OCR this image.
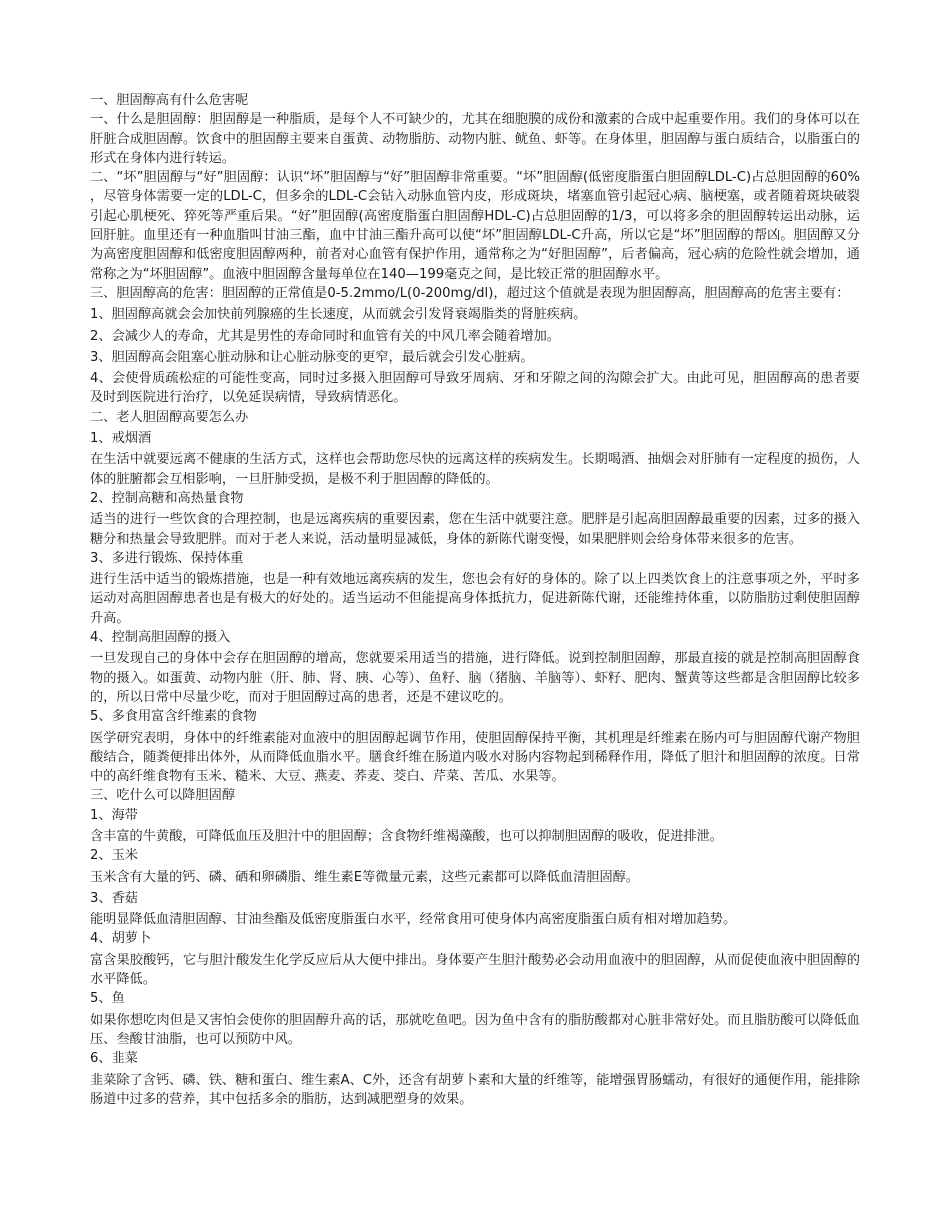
一、胆固醇高有什么危害呢

一、什么是胆固醇：胆固醇是一种脂质，是每个人不可缺少的，尤其在细胞膜的成份和激素的合成中起重要作用。我们的身体可以在肝脏合成胆固醇。饮食中的胆固醇主要来自蛋黄、动物脂肪、动物内脏、鱿鱼、虾等。在身体里，胆固醇与蛋白质结合，以脂蛋白的形式在身体内进行转运。

二、“坏”胆固醇与“好”胆固醇：认识“坏”胆固醇与“好”胆固醇非常重要。“坏”胆固醇(低密度脂蛋白胆固醇LDL-C)占总胆固醇的60%，尽管身体需要一定的LDL-C，但多余的LDL-C会钻入动脉血管内皮，形成斑块，堵塞血管引起冠心病、脑梗塞，或者随着斑块破裂引起心肌梗死、猝死等严重后果。“好”胆固醇(高密度脂蛋白胆固醇HDL-C)占总胆固醇的1/3，可以将多余的胆固醇转运出动脉，运回肝脏。血里还有一种血脂叫甘油三酯，血中甘油三酯升高可以使“坏”胆固醇LDL-C升高，所以它是“坏”胆固醇的帮凶。胆固醇又分为高密度胆固醇和低密度胆固醇两种，前者对心血管有保护作用，通常称之为“好胆固醇”，后者偏高，冠心病的危险性就会增加，通常称之为“坏胆固醇”。血液中胆固醇含量每单位在140—199毫克之间，是比较正常的胆固醇水平。

三、胆固醇高的危害：胆固醇的正常值是0-5.2mmo/L(0-200mg/dl)，超过这个值就是表现为胆固醇高，胆固醇高的危害主要有：

1、胆固醇高就会会加快前列腺癌的生长速度，从而就会引发肾衰竭脂类的肾脏疾病。

2、会减少人的寿命，尤其是男性的寿命同时和血管有关的中风几率会随着增加。

3、胆固醇高会阻塞心脏动脉和让心脏动脉变的更窄，最后就会引发心脏病。

4、会使骨质疏松症的可能性变高，同时过多摄入胆固醇可导致牙周病、牙和牙隙之间的沟隙会扩大。由此可见，胆固醇高的患者要及时到医院进行治疗，以免延误病情，导致病情恶化。

二、老人胆固醇高要怎么办

1、戒烟酒

在生活中就要远离不健康的生活方式，这样也会帮助您尽快的远离这样的疾病发生。长期喝酒、抽烟会对肝肺有一定程度的损伤，人体的脏腑都会互相影响，一旦肝肺受损，是极不利于胆固醇的降低的。

2、控制高糖和高热量食物

适当的进行一些饮食的合理控制，也是远离疾病的重要因素，您在生活中就要注意。肥胖是引起高胆固醇最重要的因素，过多的摄入糖分和热量会导致肥胖。而对于老人来说，活动量明显减低，身体的新陈代谢变慢，如果肥胖则会给身体带来很多的危害。

3、多进行锻炼、保持体重

进行生活中适当的锻炼措施，也是一种有效地远离疾病的发生，您也会有好的身体的。除了以上四类饮食上的注意事项之外，平时多运动对高胆固醇患者也是有极大的好处的。适当运动不但能提高身体抵抗力，促进新陈代谢，还能维持体重，以防脂肪过剩使胆固醇升高。

4、控制高胆固醇的摄入

一旦发现自己的身体中会存在胆固醇的增高，您就要采用适当的措施，进行降低。说到控制胆固醇，那最直接的就是控制高胆固醇食物的摄入。如蛋黄、动物内脏（肝、肺、肾、胰、心等）、鱼籽、脑（猪脑、羊脑等）、虾籽、肥肉、蟹黄等这些都是含胆固醇比较多的，所以日常中尽量少吃，而对于胆固醇过高的患者，还是不建议吃的。

5、多食用富含纤维素的食物

医学研究表明，身体中的纤维素能对血液中的胆固醇起调节作用，使胆固醇保持平衡，其机理是纤维素在肠内可与胆固醇代谢产物胆酸结合，随粪便排出体外，从而降低血脂水平。膳食纤维在肠道内吸水对肠内容物起到稀释作用，降低了胆汁和胆固醇的浓度。日常中的高纤维食物有玉米、糙米、大豆、燕麦、荞麦、茭白、芹菜、苦瓜、水果等。

三、吃什么可以降胆固醇

1、海带

含丰富的牛黄酸，可降低血压及胆汁中的胆固醇；含食物纤维褐藻酸，也可以抑制胆固醇的吸收，促进排泄。

2、玉米

玉米含有大量的钙、磷、硒和卵磷脂、维生素E等微量元素，这些元素都可以降低血清胆固醇。

3、香菇

能明显降低血清胆固醇、甘油叁酯及低密度脂蛋白水平，经常食用可使身体内高密度脂蛋白质有相对增加趋势。

4、胡萝卜

富含果胶酸钙，它与胆汁酸发生化学反应后从大便中排出。身体要产生胆汁酸势必会动用血液中的胆固醇，从而促使血液中胆固醇的水平降低。

5、鱼

如果你想吃肉但是又害怕会使你的胆固醇升高的话，那就吃鱼吧。因为鱼中含有的脂肪酸都对心脏非常好处。而且脂肪酸可以降低血压、叁酸甘油脂，也可以预防中风。

6、韭菜

韭菜除了含钙、磷、铁、糖和蛋白、维生素A、C外，还含有胡萝卜素和大量的纤维等，能增强胃肠蠕动，有很好的通便作用，能排除肠道中过多的营养，其中包括多余的脂肪，达到减肥塑身的效果。
